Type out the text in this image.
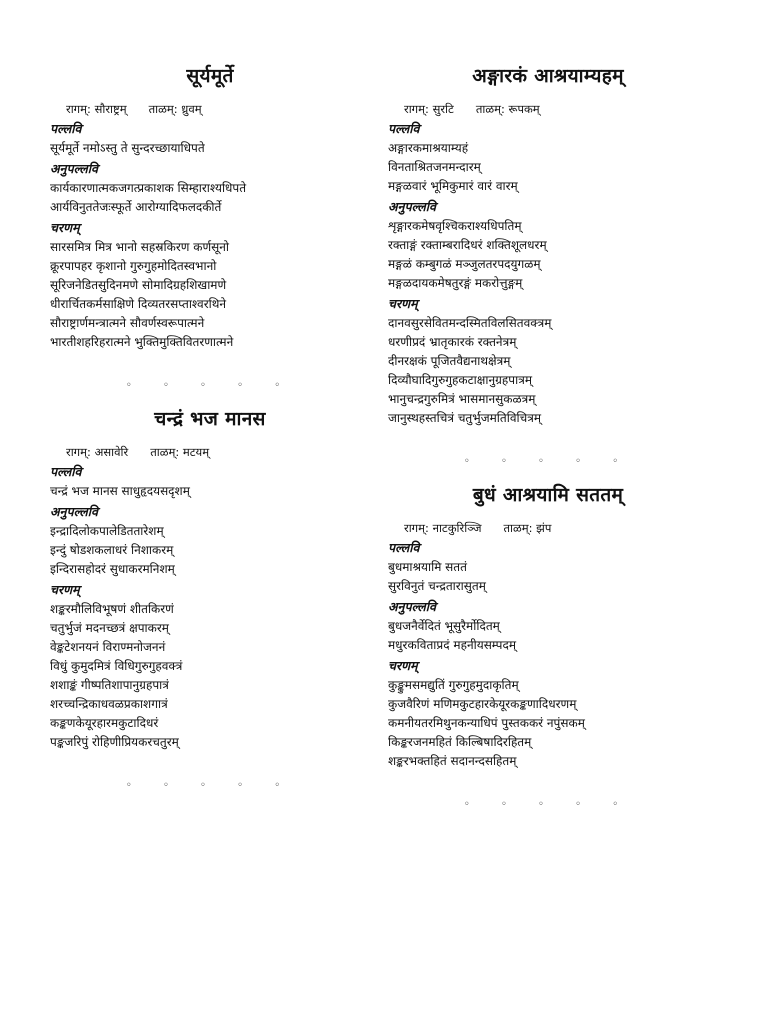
सूर्यमूर्ते
रागम्: सौराष्ट्रम् ताळम्: ध्रुवम्
पल्लवि
सूर्यमूर्ते नमोऽस्तु ते सुन्दरच्छायाधिपते
अनुपल्लवि
कार्यकारणात्मकजगत्प्रकाशक सिम्हाराश्यधिपते
आर्यविनुततेजःस्फूर्ते आरोग्यादिफलदकीर्ते
चरणम्
सारसमित्र मित्र भानो सहस्रकिरण कर्णसूनो
क्रूरपापहर कृशानो गुरुगुहमोदितस्वभानो
सूरिजनेडितसुदिनमणे सोमादिग्रहशिखामणे
धीरार्चितकर्मसाक्षिणे दिव्यतरसप्ताश्वरथिने
सौराष्ट्रार्णमन्त्रात्मने सौवर्णस्वरूपात्मने
भारतीशहरिहरात्मने भुक्तिमुक्तिवितरणात्मने
◦ ◦ ◦ ◦ ◦
चन्द्रं भज मानस
रागम्: असावेरि ताळम्: मटयम्
पल्लवि
चन्द्रं भज मानस साधुहृदयसदृशम्
अनुपल्लवि
इन्द्रादिलोकपालेडिततारेशम्
इन्दुं षोडशकलाधरं निशाकरम्
इन्दिरासहोदरं सुधाकरमनिशम्
चरणम्
शङ्करमौलिविभूषणं शीतकिरणं
चतुर्भुजं मदनच्छत्रं क्षपाकरम्
वेङ्कटेशनयनं विराण्मनोजननं
विधुं कुमुदमित्रं विधिगुरुगुहवक्त्रं
शशाङ्कं गीष्पतिशापानुग्रहपात्रं
शरच्चन्द्रिकाधवळप्रकाशगात्रं
कङ्कणकेयूरहारमकुटादिधरं
पङ्कजरिपुं रोहिणीप्रियकरचतुरम्
◦ ◦ ◦ ◦ ◦
अङ्गारकं आश्रयाम्यहम्
रागम्: सुरटि ताळम्: रूपकम्
पल्लवि
अङ्गारकमाश्रयाम्यहं
विनताश्रितजनमन्दारम्
मङ्गळवारं भूमिकुमारं वारं वारम्
अनुपल्लवि
शृङ्गारकमेषवृश्चिकराश्यधिपतिम्
रक्ताङ्गं रक्ताम्बरादिधरं शक्तिशूलधरम्
मङ्गळं कम्बुगळं मञ्जुलतरपदयुगळम्
मङ्गळदायकमेषतुरङ्गं मकरोत्तुङ्गम्
चरणम्
दानवसुरसेवितमन्दस्मितविलसितवक्त्रम्
धरणीप्रदं भ्रातृकारकं रक्तनेत्रम्
दीनरक्षकं पूजितवैद्यनाथक्षेत्रम्
दिव्यौघादिगुरुगुहकटाक्षानुग्रहपात्रम्
भानुचन्द्रगुरुमित्रं भासमानसुकळत्रम्
जानुस्थहस्तचित्रं चतुर्भुजमतिविचित्रम्
◦ ◦ ◦ ◦ ◦
बुधं आश्रयामि सततम्
रागम्: नाटकुरिञ्जि ताळम्: झंप
पल्लवि
बुधमाश्रयामि सततं
सुरविनुतं चन्द्रतारासुतम्
अनुपल्लवि
बुधजनैर्वेदितं भूसुरैर्मोदितम्
मधुरकविताप्रदं महनीयसम्पदम्
चरणम्
कुङ्कुमसमद्युतिं गुरुगुहमुदाकृतिम्
कुजवैरिणं मणिमकुटहारकेयूरकङ्कणादिधरणम्
कमनीयतरमिथुनकन्याधिपं पुस्तककरं नपुंसकम्
किङ्करजनमहितं किल्बिषादिरहितम्
शङ्करभक्तहितं सदानन्दसहितम्
◦ ◦ ◦ ◦ ◦
